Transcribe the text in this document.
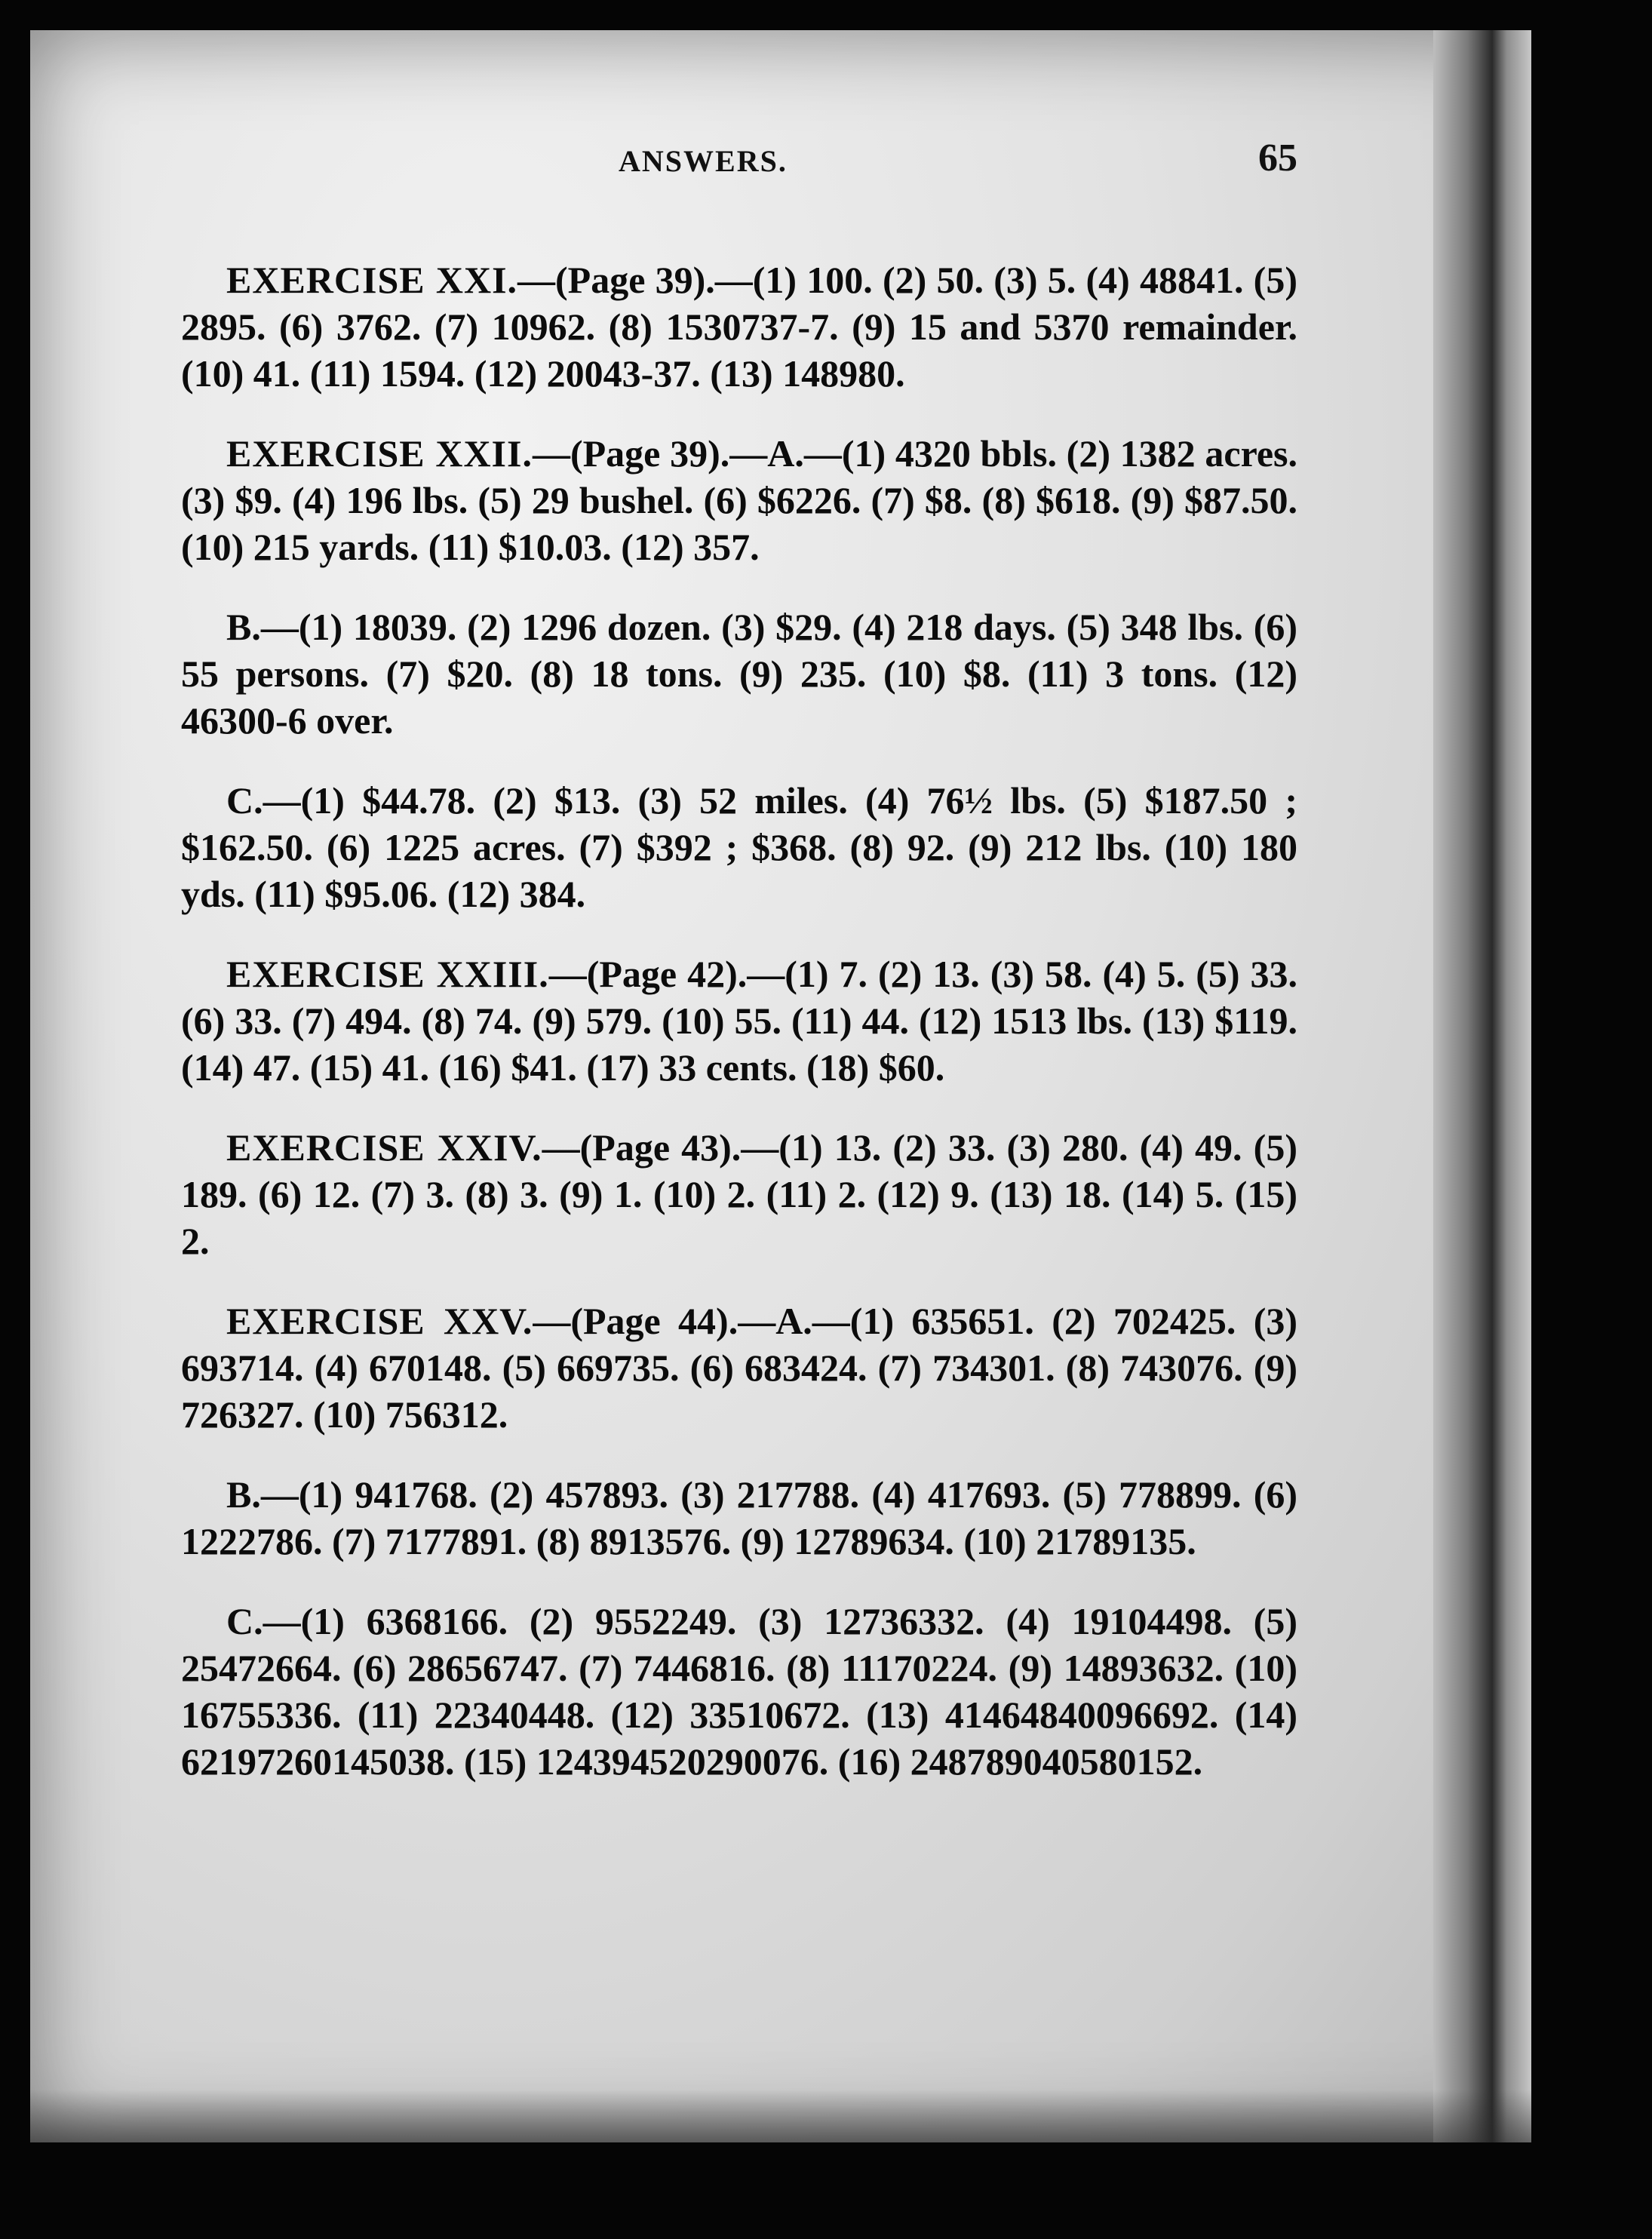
ANSWERS.	65

EXERCISE XXI.—(Page 39).—(1) 100. (2) 50. (3) 5. (4) 48841. (5) 2895. (6) 3762. (7) 10962. (8) 1530737-7. (9) 15 and 5370 remainder. (10) 41. (11) 1594. (12) 20043-37. (13) 148980.

EXERCISE XXII.—(Page 39).—A.—(1) 4320 bbls. (2) 1382 acres. (3) $9. (4) 196 lbs. (5) 29 bushel. (6) $6226. (7) $8. (8) $618. (9) $87.50. (10) 215 yards. (11) $10.03. (12) 357.

B.—(1) 18039. (2) 1296 dozen. (3) $29. (4) 218 days. (5) 348 lbs. (6) 55 persons. (7) $20. (8) 18 tons. (9) 235. (10) $8. (11) 3 tons. (12) 46300-6 over.

C.—(1) $44.78. (2) $13. (3) 52 miles. (4) 76½ lbs. (5) $187.50 ; $162.50. (6) 1225 acres. (7) $392 ; $368. (8) 92. (9) 212 lbs. (10) 180 yds. (11) $95.06. (12) 384.

EXERCISE XXIII.—(Page 42).—(1) 7. (2) 13. (3) 58. (4) 5. (5) 33. (6) 33. (7) 494. (8) 74. (9) 579. (10) 55. (11) 44. (12) 1513 lbs. (13) $119. (14) 47. (15) 41. (16) $41. (17) 33 cents. (18) $60.

EXERCISE XXIV.—(Page 43).—(1) 13. (2) 33. (3) 280. (4) 49. (5) 189. (6) 12. (7) 3. (8) 3. (9) 1. (10) 2. (11) 2. (12) 9. (13) 18. (14) 5. (15) 2.

EXERCISE XXV.—(Page 44).—A.—(1) 635651. (2) 702425. (3) 693714. (4) 670148. (5) 669735. (6) 683424. (7) 734301. (8) 743076. (9) 726327. (10) 756312.

B.—(1) 941768. (2) 457893. (3) 217788. (4) 417693. (5) 778899. (6) 1222786. (7) 7177891. (8) 8913576. (9) 12789634. (10) 21789135.

C.—(1) 6368166. (2) 9552249. (3) 12736332. (4) 19104498. (5) 25472664. (6) 28656747. (7) 7446816. (8) 11170224. (9) 14893632. (10) 16755336. (11) 22340448. (12) 33510672. (13) 41464840096692. (14) 62197260145038. (15) 124394520290076. (16) 248789040580152.
